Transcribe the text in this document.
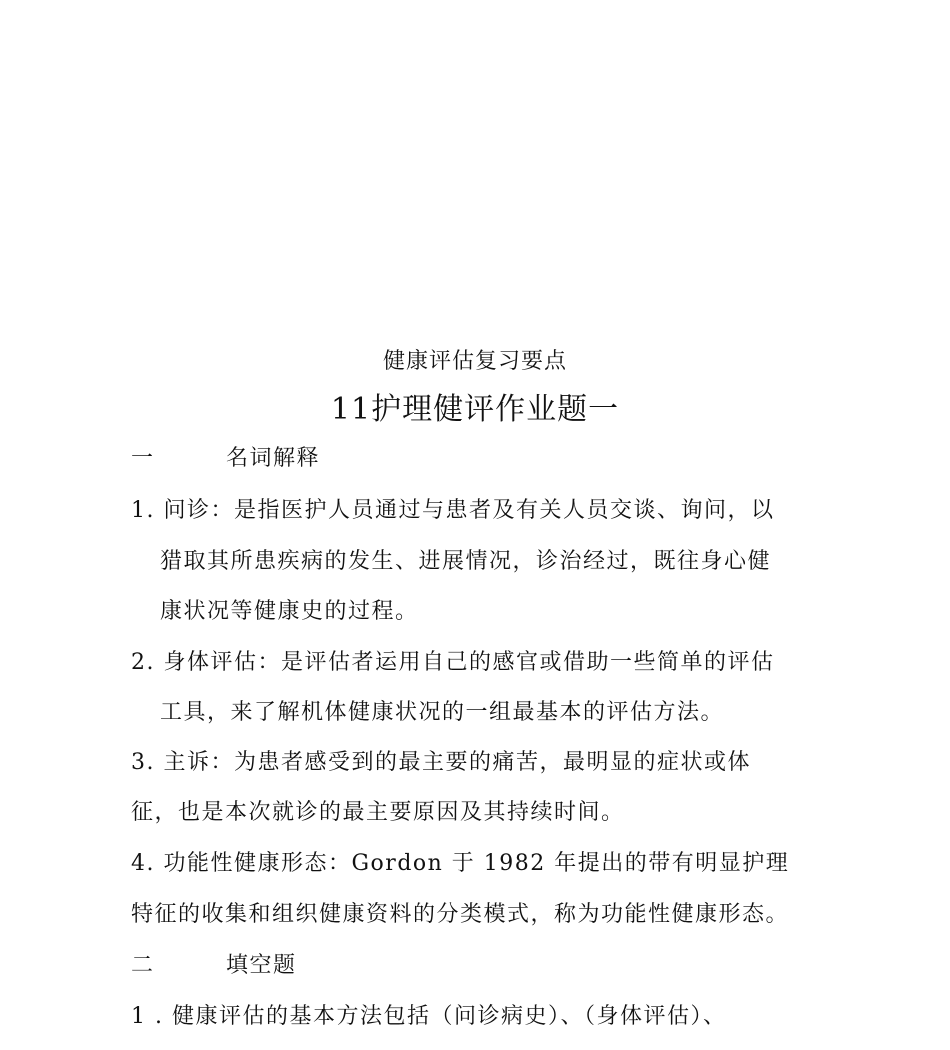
健康评估复习要点
11护理健评作业题一
一	名词解释
1. 问诊：是指医护人员通过与患者及有关人员交谈、询问，以
猎取其所患疾病的发生、进展情况，诊治经过，既往身心健
康状况等健康史的过程。
2. 身体评估：是评估者运用自己的感官或借助一些简单的评估
工具，来了解机体健康状况的一组最基本的评估方法。
3. 主诉：为患者感受到的最主要的痛苦，最明显的症状或体
征，也是本次就诊的最主要原因及其持续时间。
4. 功能性健康形态：Gordon 于 1982 年提出的带有明显护理
特征的收集和组织健康资料的分类模式，称为功能性健康形态。
二	填空题
1 . 健康评估的基本方法包括（问诊病史）、（身体评估）、
